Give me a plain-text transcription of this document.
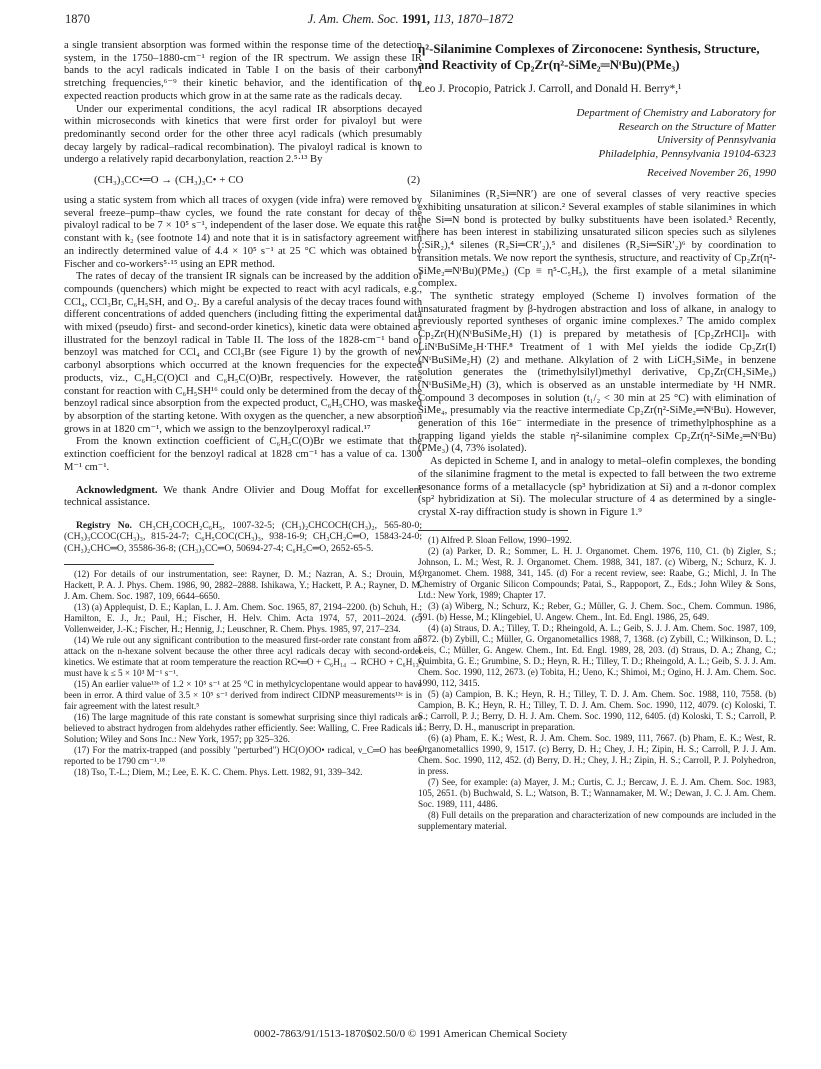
1870	J. Am. Chem. Soc. 1991, 113, 1870–1872

a single transient absorption was formed within the response time of the detection system, in the 1750–1880-cm⁻¹ region of the IR spectrum. We assign these IR bands to the acyl radicals indicated in Table I on the basis of their carbonyl stretching frequencies,⁶⁻⁹ their kinetic behavior, and the identification of the expected reaction products which grow in at the same rate as the radicals decay.

Under our experimental conditions, the acyl radical IR absorptions decayed within microseconds with kinetics that were first order for pivaloyl but were predominantly second order for the other three acyl radicals (which presumably decay largely by radical–radical recombination). The pivaloyl radical is known to undergo a relatively rapid decarbonylation, reaction 2.⁵·¹³ By

(CH₃)₃CC•═O → (CH₃)₃C• + CO	(2)

using a static system from which all traces of oxygen (vide infra) were removed by several freeze–pump–thaw cycles, we found the rate constant for decay of the pivaloyl radical to be 7 × 10⁵ s⁻¹, independent of the laser dose. We equate this rate constant with k₂ (see footnote 14) and note that it is in satisfactory agreement with an indirectly determined value of 4.4 × 10⁵ s⁻¹ at 25 °C which was obtained by Fischer and co-workers⁵·¹⁵ using an EPR method.

The rates of decay of the transient IR signals can be increased by the addition of compounds (quenchers) which might be expected to react with acyl radicals, e.g., CCl₄, CCl₃Br, C₆H₅SH, and O₂. By a careful analysis of the decay traces found with different concentrations of added quenchers (including fitting the experimental data with mixed (pseudo) first- and second-order kinetics), kinetic data were obtained as illustrated for the benzoyl radical in Table II. The loss of the 1828-cm⁻¹ band of benzoyl was matched for CCl₄ and CCl₃Br (see Figure 1) by the growth of new carbonyl absorptions which occurred at the known frequencies for the expected products, viz., C₆H₅C(O)Cl and C₆H₅C(O)Br, respectively. However, the rate constant for reaction with C₆H₅SH¹⁶ could only be determined from the decay of the benzoyl radical since absorption from the expected product, C₆H₅CHO, was masked by absorption of the starting ketone. With oxygen as the quencher, a new absorption grows in at 1820 cm⁻¹, which we assign to the benzoylperoxyl radical.¹⁷

From the known extinction coefficient of C₆H₅C(O)Br we estimate that the extinction coefficient for the benzoyl radical at 1828 cm⁻¹ has a value of ca. 1300 M⁻¹ cm⁻¹.

Acknowledgment. We thank Andre Olivier and Doug Moffat for excellent technical assistance.

Registry No. CH₃CH₂COCH₂C₆H₅, 1007-32-5; (CH₃)₂CHCOCH(CH₃)₂, 565-80-0; (CH₃)₃CCOC(CH₃)₃, 815-24-7; C₆H₅COC(CH₃)₃, 938-16-9; CH₃CH₂C═O, 15843-24-0; (CH₃)₂CHC═O, 35586-36-8; (CH₃)₃CC═O, 50694-27-4; C₆H₅C═O, 2652-65-5.

(12) For details of our instrumentation, see: Rayner, D. M.; Nazran, A. S.; Drouin, M.; Hackett, P. A. J. Phys. Chem. 1986, 90, 2882–2888. Ishikawa, Y.; Hackett, P. A.; Rayner, D. M. J. Am. Chem. Soc. 1987, 109, 6644–6650.

(13) (a) Applequist, D. E.; Kaplan, L. J. Am. Chem. Soc. 1965, 87, 2194–2200. (b) Schuh, H.; Hamilton, E. J., Jr.; Paul, H.; Fischer, H. Helv. Chim. Acta 1974, 57, 2011–2024. (c) Vollenweider, J.-K.; Fischer, H.; Hennig, J.; Leuschner, R. Chem. Phys. 1985, 97, 217–234.

(14) We rule out any significant contribution to the measured first-order rate constant from an attack on the n-hexane solvent because the other three acyl radicals decay with second-order kinetics. We estimate that at room temperature the reaction RC•═O + C₆H₁₄ → RCHO + C₆H₁₃• must have k ≤ 5 × 10³ M⁻¹ s⁻¹.

(15) An earlier value¹³ᵇ of 1.2 × 10⁵ s⁻¹ at 25 °C in methylcyclopentane would appear to have been in error. A third value of 3.5 × 10⁵ s⁻¹ derived from indirect CIDNP measurements¹³ᶜ is in fair agreement with the latest result.⁵

(16) The large magnitude of this rate constant is somewhat surprising since thiyl radicals are believed to abstract hydrogen from aldehydes rather efficiently. See: Walling, C. Free Radicals in Solution; Wiley and Sons Inc.: New York, 1957; pp 325–326.

(17) For the matrix-trapped (and possibly "perturbed") HC(O)OO• radical, ν_C═O has been reported to be 1790 cm⁻¹.¹⁸

(18) Tso, T.-L.; Diem, M.; Lee, E. K. C. Chem. Phys. Lett. 1982, 91, 339–342.

η²-Silanimine Complexes of Zirconocene: Synthesis, Structure, and Reactivity of Cp₂Zr(η²-SiMe₂═NᵗBu)(PMe₃)
Leo J. Procopio, Patrick J. Carroll, and Donald H. Berry*,¹
Department of Chemistry and Laboratory for
Research on the Structure of Matter
University of Pennsylvania
Philadelphia, Pennsylvania 19104-6323
Received November 26, 1990

Silanimines (R₂Si═NR′) are one of several classes of very reactive species exhibiting unsaturation at silicon.² Several examples of stable silanimines in which the Si═N bond is protected by bulky substituents have been isolated.³ Recently, there has been interest in stabilizing unsaturated silicon species such as silylenes (:SiR₂),⁴ silenes (R₂Si═CR′₂),⁵ and disilenes (R₂Si═SiR′₂)⁶ by coordination to transition metals. We now report the synthesis, structure, and reactivity of Cp₂Zr(η²-SiMe₂═NᵗBu)(PMe₃) (Cp ≡ η⁵-C₅H₅), the first example of a metal silanimine complex.

The synthetic strategy employed (Scheme I) involves formation of the unsaturated fragment by β-hydrogen abstraction and loss of alkane, in analogy to previously reported syntheses of organic imine complexes.⁷ The amido complex Cp₂Zr(H)(NᵗBuSiMe₂H) (1) is prepared by metathesis of [Cp₂ZrHCl]ₙ with LiNᵗBuSiMe₂H·THF.⁸ Treatment of 1 with MeI yields the iodide Cp₂Zr(I)(NᵗBuSiMe₂H) (2) and methane. Alkylation of 2 with LiCH₂SiMe₃ in benzene solution generates the (trimethylsilyl)methyl derivative, Cp₂Zr(CH₂SiMe₃)(NᵗBuSiMe₂H) (3), which is observed as an unstable intermediate by ¹H NMR. Compound 3 decomposes in solution (t₁/₂ < 30 min at 25 °C) with elimination of SiMe₄, presumably via the reactive intermediate Cp₂Zr(η²-SiMe₂═NᵗBu). However, generation of this 16e⁻ intermediate in the presence of trimethylphosphine as a trapping ligand yields the stable η²-silanimine complex Cp₂Zr(η²-SiMe₂═NᵗBu)(PMe₃) (4, 73% isolated).

As depicted in Scheme I, and in analogy to metal–olefin complexes, the bonding of the silanimine fragment to the metal is expected to fall between the two extreme resonance forms of a metallacycle (sp³ hybridization at Si) and a π-donor complex (sp² hybridization at Si). The molecular structure of 4 as determined by a single-crystal X-ray diffraction study is shown in Figure 1.⁹

(1) Alfred P. Sloan Fellow, 1990–1992.

(2) (a) Parker, D. R.; Sommer, L. H. J. Organomet. Chem. 1976, 110, C1. (b) Zigler, S.; Johnson, L. M.; West, R. J. Organomet. Chem. 1988, 341, 187. (c) Wiberg, N.; Schurz, K. J. Organomet. Chem. 1988, 341, 145. (d) For a recent review, see: Raabe, G.; Michl, J. In The Chemistry of Organic Silicon Compounds; Patai, S., Rappoport, Z., Eds.; John Wiley & Sons, Ltd.: New York, 1989; Chapter 17.

(3) (a) Wiberg, N.; Schurz, K.; Reber, G.; Müller, G. J. Chem. Soc., Chem. Commun. 1986, 591. (b) Hesse, M.; Klingebiel, U. Angew. Chem., Int. Ed. Engl. 1986, 25, 649.

(4) (a) Straus, D. A.; Tilley, T. D.; Rheingold, A. L.; Geib, S. J. J. Am. Chem. Soc. 1987, 109, 5872. (b) Zybill, C.; Müller, G. Organometallics 1988, 7, 1368. (c) Zybill, C.; Wilkinson, D. L.; Leis, C.; Müller, G. Angew. Chem., Int. Ed. Engl. 1989, 28, 203. (d) Straus, D. A.; Zhang, C.; Quimbita, G. E.; Grumbine, S. D.; Heyn, R. H.; Tilley, T. D.; Rheingold, A. L.; Geib, S. J. J. Am. Chem. Soc. 1990, 112, 2673. (e) Tobita, H.; Ueno, K.; Shimoi, M.; Ogino, H. J. Am. Chem. Soc. 1990, 112, 3415.

(5) (a) Campion, B. K.; Heyn, R. H.; Tilley, T. D. J. Am. Chem. Soc. 1988, 110, 7558. (b) Campion, B. K.; Heyn, R. H.; Tilley, T. D. J. Am. Chem. Soc. 1990, 112, 4079. (c) Koloski, T. S.; Carroll, P. J.; Berry, D. H. J. Am. Chem. Soc. 1990, 112, 6405. (d) Koloski, T. S.; Carroll, P. J.; Berry, D. H., manuscript in preparation.

(6) (a) Pham, E. K.; West, R. J. Am. Chem. Soc. 1989, 111, 7667. (b) Pham, E. K.; West, R. Organometallics 1990, 9, 1517. (c) Berry, D. H.; Chey, J. H.; Zipin, H. S.; Carroll, P. J. J. Am. Chem. Soc. 1990, 112, 452. (d) Berry, D. H.; Chey, J. H.; Zipin, H. S.; Carroll, P. J. Polyhedron, in press.

(7) See, for example: (a) Mayer, J. M.; Curtis, C. J.; Bercaw, J. E. J. Am. Chem. Soc. 1983, 105, 2651. (b) Buchwald, S. L.; Watson, B. T.; Wannamaker, M. W.; Dewan, J. C. J. Am. Chem. Soc. 1989, 111, 4486.

(8) Full details on the preparation and characterization of new compounds are included in the supplementary material.

0002-7863/91/1513-1870$02.50/0 © 1991 American Chemical Society
